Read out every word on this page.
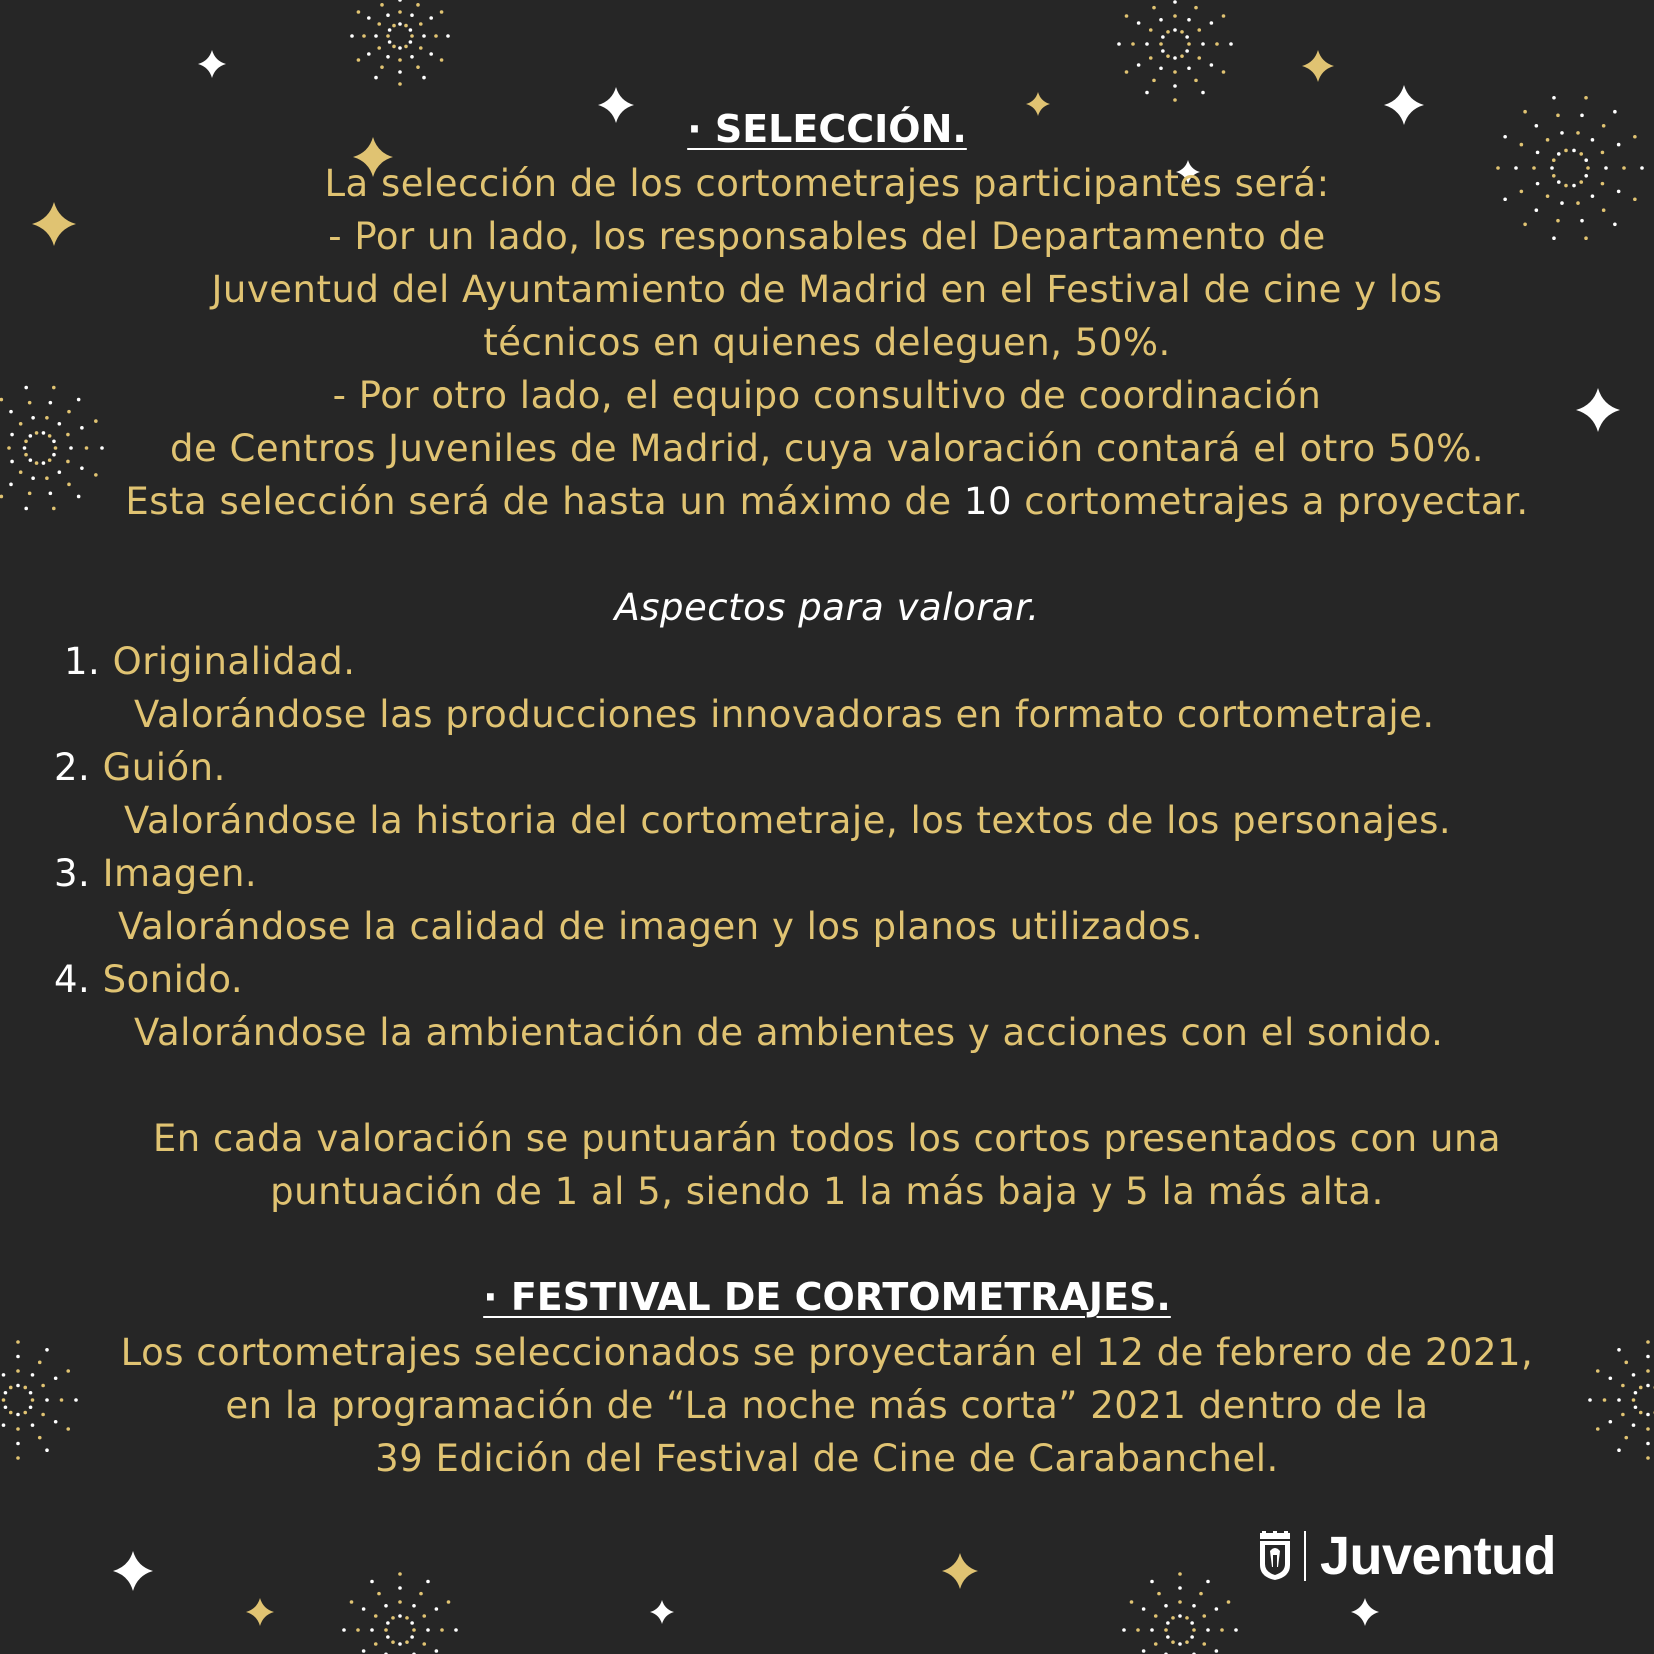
· SELECCIÓN.
La selección de los cortometrajes participantes será:
- Por un lado, los responsables del Departamento de
Juventud del Ayuntamiento de Madrid en el Festival de cine y los
técnicos en quienes deleguen, 50%.
- Por otro lado, el equipo consultivo de coordinación
de Centros Juveniles de Madrid, cuya valoración contará el otro 50%.
Esta selección será de hasta un máximo de 10 cortometrajes a proyectar.
Aspectos para valorar.
1. Originalidad.
Valorándose las producciones innovadoras en formato cortometraje.
2. Guión.
Valorándose la historia del cortometraje, los textos de los personajes.
3. Imagen.
Valorándose la calidad de imagen y los planos utilizados.
4. Sonido.
Valorándose la ambientación de ambientes y acciones con el sonido.
En cada valoración se puntuarán todos los cortos presentados con una
puntuación de 1 al 5, siendo 1 la más baja y 5 la más alta.
· FESTIVAL DE CORTOMETRAJES.
Los cortometrajes seleccionados se proyectarán el 12 de febrero de 2021,
en la programación de “La noche más corta” 2021 dentro de la
39 Edición del Festival de Cine de Carabanchel.
Juventud
